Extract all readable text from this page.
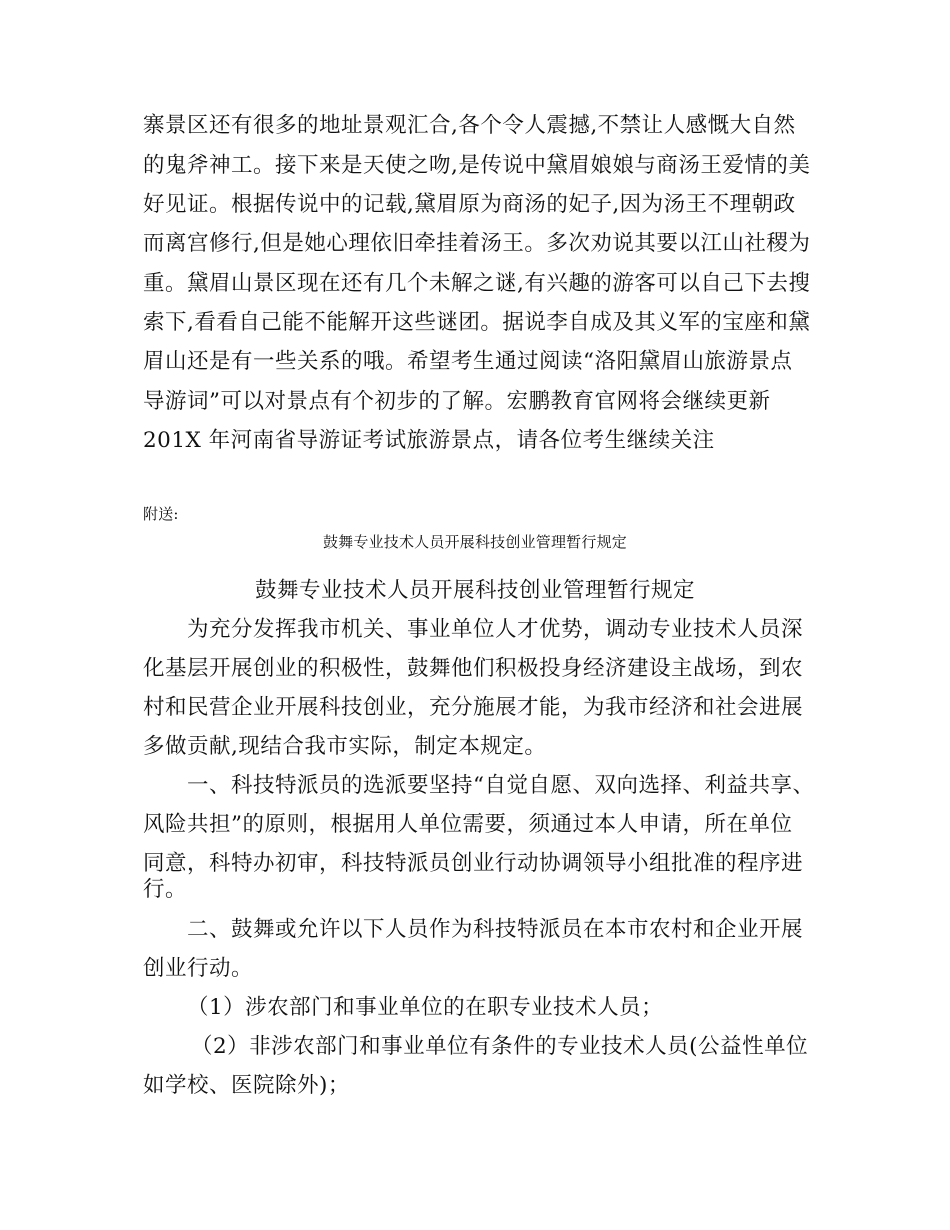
寨景区还有很多的地址景观汇合,各个令人震撼,不禁让人感慨大自然
的鬼斧神工。接下来是天使之吻,是传说中黛眉娘娘与商汤王爱情的美
好见证。根据传说中的记载,黛眉原为商汤的妃子,因为汤王不理朝政
而离宫修行,但是她心理依旧牵挂着汤王。多次劝说其要以江山社稷为
重。黛眉山景区现在还有几个未解之谜,有兴趣的游客可以自己下去搜
索下,看看自己能不能解开这些谜团。据说李自成及其义军的宝座和黛
眉山还是有一些关系的哦。希望考生通过阅读“洛阳黛眉山旅游景点
导游词”可以对景点有个初步的了解。宏鹏教育官网将会继续更新
201X 年河南省导游证考试旅游景点，请各位考生继续关注
附送:
鼓舞专业技术人员开展科技创业管理暂行规定
鼓舞专业技术人员开展科技创业管理暂行规定
为充分发挥我市机关、事业单位人才优势，调动专业技术人员深
化基层开展创业的积极性，鼓舞他们积极投身经济建设主战场，到农
村和民营企业开展科技创业，充分施展才能，为我市经济和社会进展
多做贡献,现结合我市实际，制定本规定。
一、科技特派员的选派要坚持“自觉自愿、双向选择、利益共享、
风险共担”的原则，根据用人单位需要，须通过本人申请，所在单位
同意，科特办初审，科技特派员创业行动协调领导小组批准的程序进
行。
二、鼓舞或允许以下人员作为科技特派员在本市农村和企业开展
创业行动。
（1）涉农部门和事业单位的在职专业技术人员；
（2）非涉农部门和事业单位有条件的专业技术人员(公益性单位
如学校、医院除外)；
